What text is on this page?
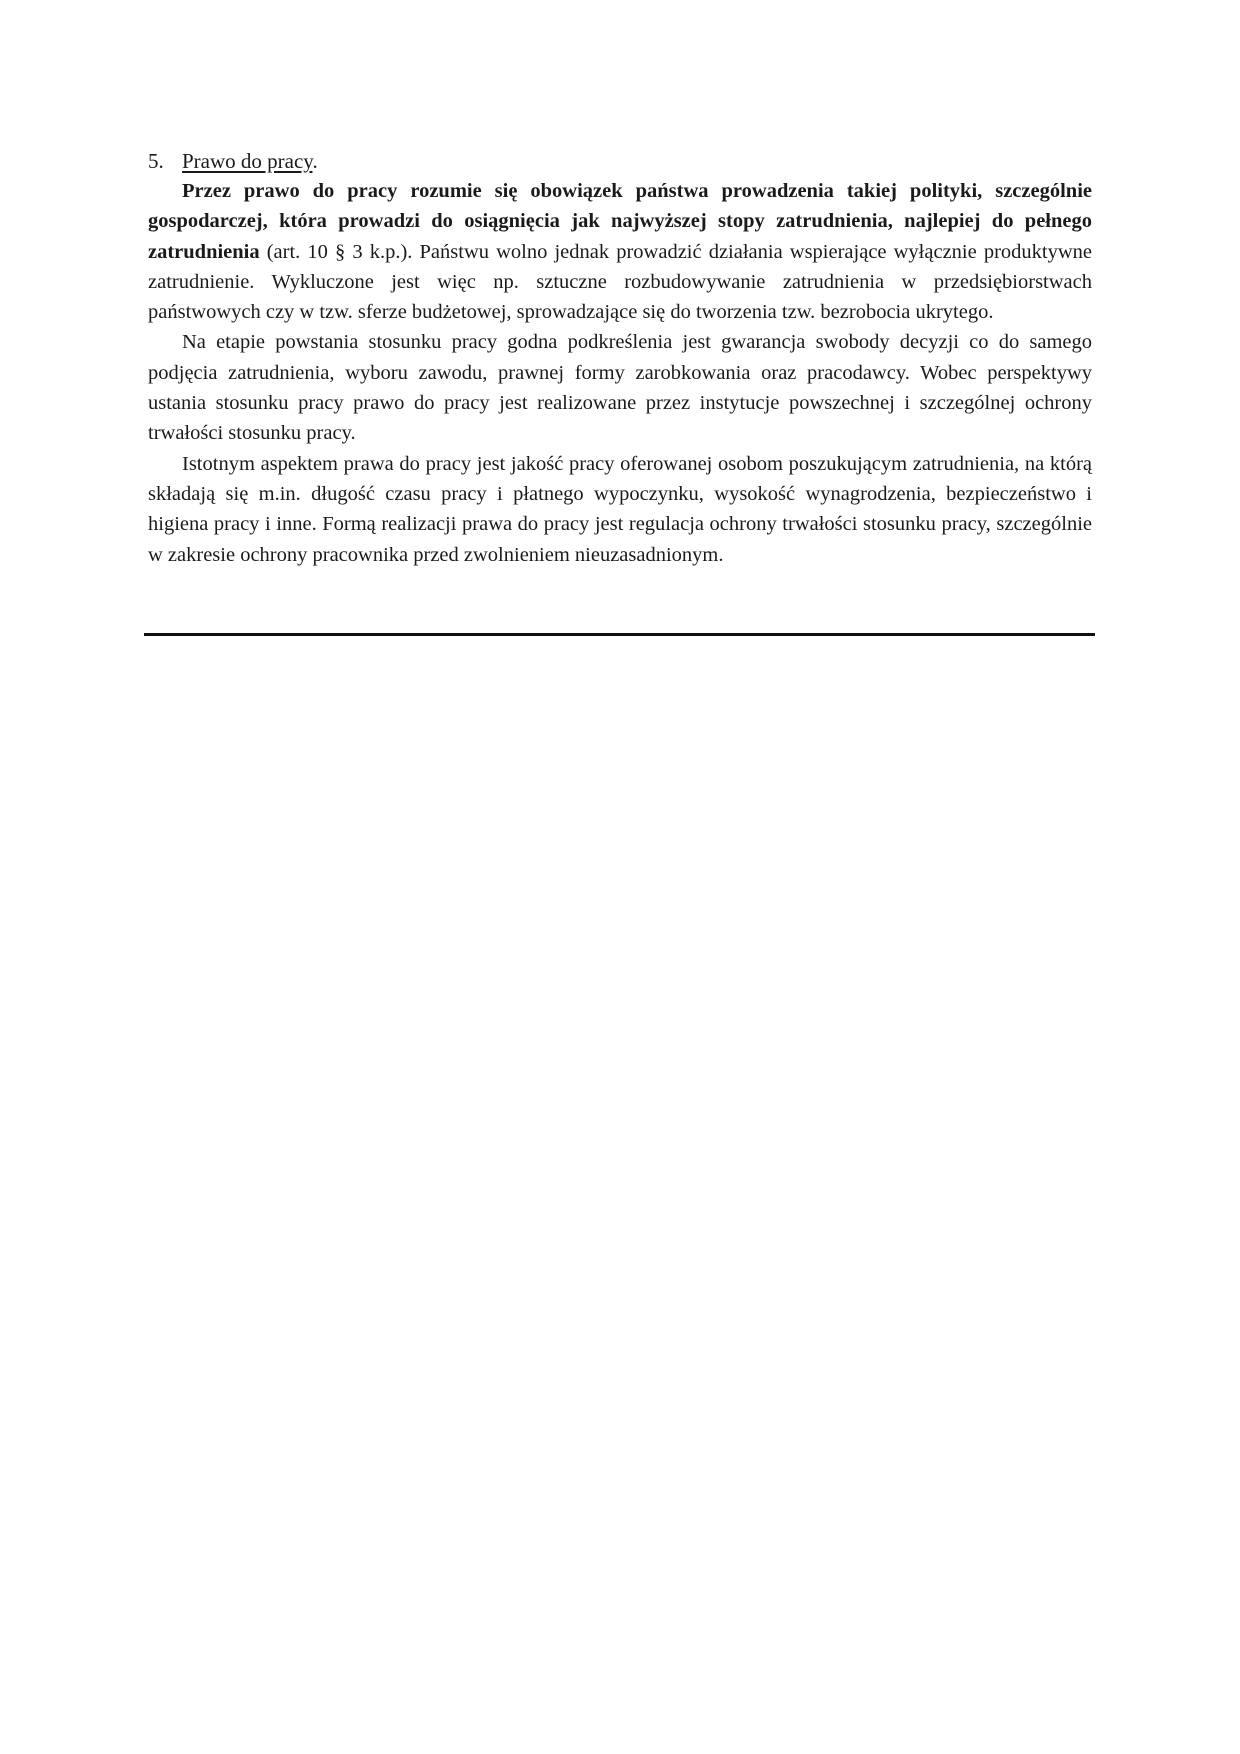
5. Prawo do pracy.

Przez prawo do pracy rozumie się obowiązek państwa prowadzenia takiej polityki, szczególnie gospodarczej, która prowadzi do osiągnięcia jak najwyższej stopy zatrudnienia, najlepiej do pełnego zatrudnienia (art. 10 § 3 k.p.). Państwu wolno jednak prowadzić działania wspierające wyłącznie produktywne zatrudnienie. Wykluczone jest więc np. sztuczne rozbudowywanie zatrudnienia w przedsiębiorstwach państwowych czy w tzw. sferze budżetowej, sprowadzające się do tworzenia tzw. bezrobocia ukrytego.

Na etapie powstania stosunku pracy godna podkreślenia jest gwarancja swobody decyzji co do samego podjęcia zatrudnienia, wyboru zawodu, prawnej formy zarobkowania oraz pracodawcy. Wobec perspektywy ustania stosunku pracy prawo do pracy jest realizowane przez instytucje powszechnej i szczególnej ochrony trwałości stosunku pracy.

Istotnym aspektem prawa do pracy jest jakość pracy oferowanej osobom poszukującym zatrudnienia, na którą składają się m.in. długość czasu pracy i płatnego wypoczynku, wysokość wynagrodzenia, bezpieczeństwo i higiena pracy i inne. Formą realizacji prawa do pracy jest regulacja ochrony trwałości stosunku pracy, szczególnie w zakresie ochrony pracownika przed zwolnieniem nieuzasadnionym.
